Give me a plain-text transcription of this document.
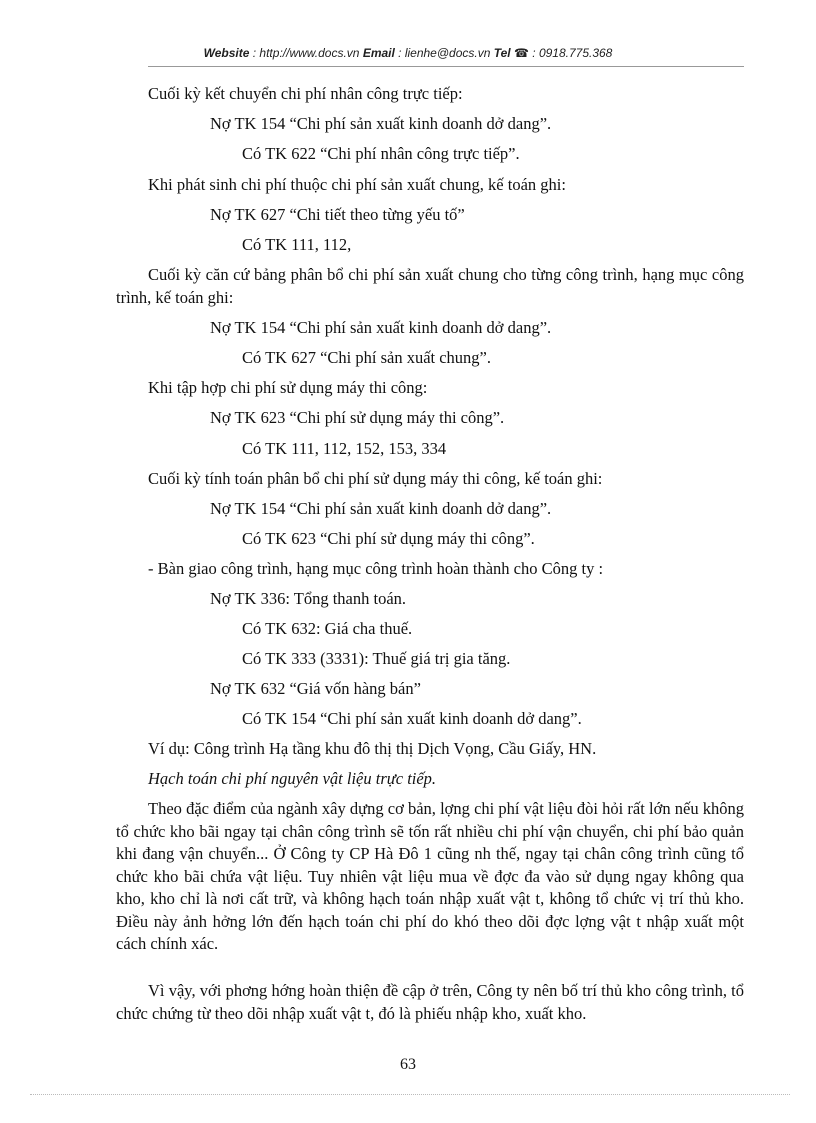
Website : http://www.docs.vn Email : lienhe@docs.vn Tel ☎ : 0918.775.368
Cuối kỳ kết chuyển chi phí nhân công trực tiếp:
Nợ TK 154 “Chi phí sản xuất kinh doanh dở dang”.
Có TK 622 “Chi phí nhân công trực tiếp”.
Khi phát sinh chi phí thuộc chi phí sản xuất chung, kế toán ghi:
Nợ TK 627 “Chi tiết theo từng yếu tố”
Có TK 111, 112,
Cuối kỳ căn cứ bảng phân bổ chi phí sản xuất chung cho từng công trình, hạng mục công trình, kế toán ghi:
Nợ TK 154 “Chi phí sản xuất kinh doanh dở dang”.
Có TK 627 “Chi phí sản xuất chung”.
Khi tập hợp chi phí sử dụng máy thi công:
Nợ TK 623 “Chi phí sử dụng máy thi công”.
Có TK 111, 112, 152, 153, 334
Cuối kỳ tính toán phân bổ chi phí sử dụng máy thi công, kế toán ghi:
Nợ TK 154 “Chi phí sản xuất kinh doanh dở dang”.
Có TK 623 “Chi phí sử dụng máy thi công”.
- Bàn giao công trình, hạng mục công trình hoàn thành cho Công ty :
Nợ TK 336: Tổng thanh toán.
Có TK 632: Giá cha thuế.
Có TK 333 (3331): Thuế giá trị gia tăng.
Nợ TK 632 “Giá vốn hàng bán”
Có TK 154 “Chi phí sản xuất kinh doanh dở dang”.
Ví dụ: Công trình Hạ tầng khu đô thị thị Dịch Vọng, Cầu Giấy, HN.
Hạch toán chi phí nguyên vật liệu trực tiếp.
Theo đặc điểm của ngành xây dựng cơ bản, lợng chi phí vật liệu đòi hỏi rất lớn nếu không tổ chức kho bãi ngay tại chân công trình sẽ tốn rất nhiều chi phí vận chuyển, chi phí bảo quản khi đang vận chuyển... Ở Công ty CP Hà Đô 1 cũng nh thế, ngay tại chân công trình cũng tổ chức kho bãi chứa vật liệu. Tuy nhiên vật liệu mua về đợc đa vào sử dụng ngay không qua kho, kho chỉ là nơi cất trữ, và không hạch toán nhập xuất vật t, không tổ chức vị trí thủ kho. Điều này ảnh hởng lớn đến hạch toán chi phí do khó theo dõi đợc lợng vật t nhập xuất một cách chính xác.
Vì vậy, với phơng hớng hoàn thiện đề cập ở trên, Công ty nên bố trí thủ kho công trình, tổ chức chứng từ theo dõi nhập xuất vật t, đó là phiếu nhập kho, xuất kho.
63
